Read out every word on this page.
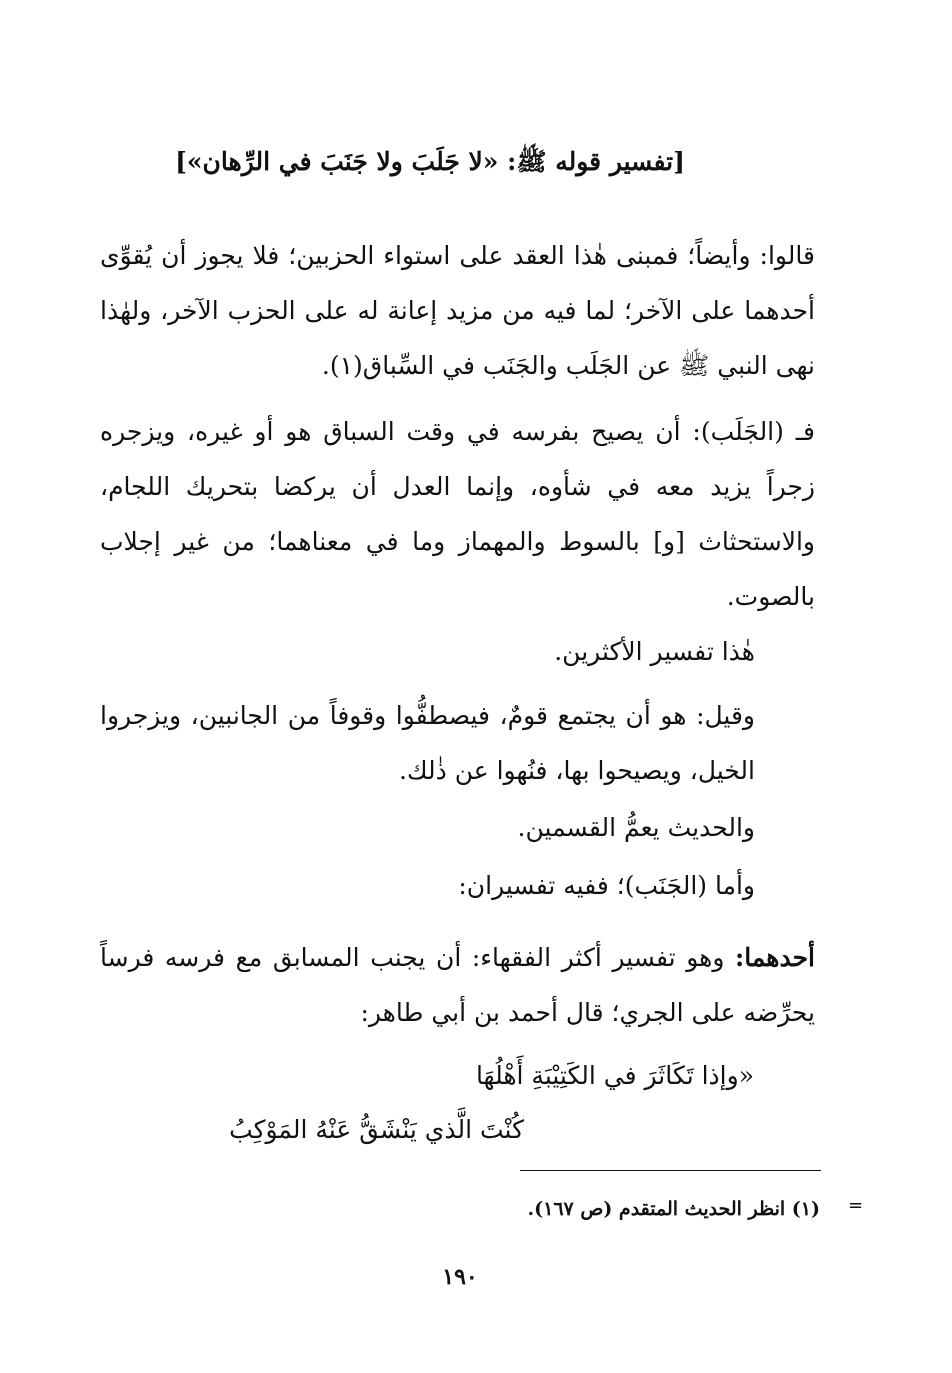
[تفسير قوله ﷺ: «لا جَلَبَ ولا جَنَبَ في الرِّهان»]
قالوا: وأيضاً؛ فمبنى هٰذا العقد على استواء الحزبين؛ فلا يجوز أن يُقوِّى أحدهما على الآخر؛ لما فيه من مزيد إعانة له على الحزب الآخر، ولهٰذا نهى النبي ﷺ عن الجَلَب والجَنَب في السِّباق(١).
فـ (الجَلَب): أن يصيح بفرسه في وقت السباق هو أو غيره، ويزجره زجراً يزيد معه في شأوه، وإنما العدل أن يركضا بتحريك اللجام، والاستحثاث [و] بالسوط والمهماز وما في معناهما؛ من غير إجلاب بالصوت.
هٰذا تفسير الأكثرين.
وقيل: هو أن يجتمع قومٌ، فيصطفُّوا وقوفاً من الجانبين، ويزجروا الخيل، ويصيحوا بها، فنُهوا عن ذٰلك.
والحديث يعمُّ القسمين.
وأما (الجَنَب)؛ ففيه تفسيران:
أحدهما: وهو تفسير أكثر الفقهاء: أن يجنب المسابق مع فرسه فرساً يحرِّضه على الجري؛ قال أحمد بن أبي طاهر:
«وإذا تَكَاثَرَ في الكَتِيْبَةِ أَهْلُهَا
كُنْتَ الَّذي يَنْشَقُّ عَنْهُ المَوْكِبُ
(١) انظر الحديث المتقدم (ص ١٦٧). =
١٩٠
